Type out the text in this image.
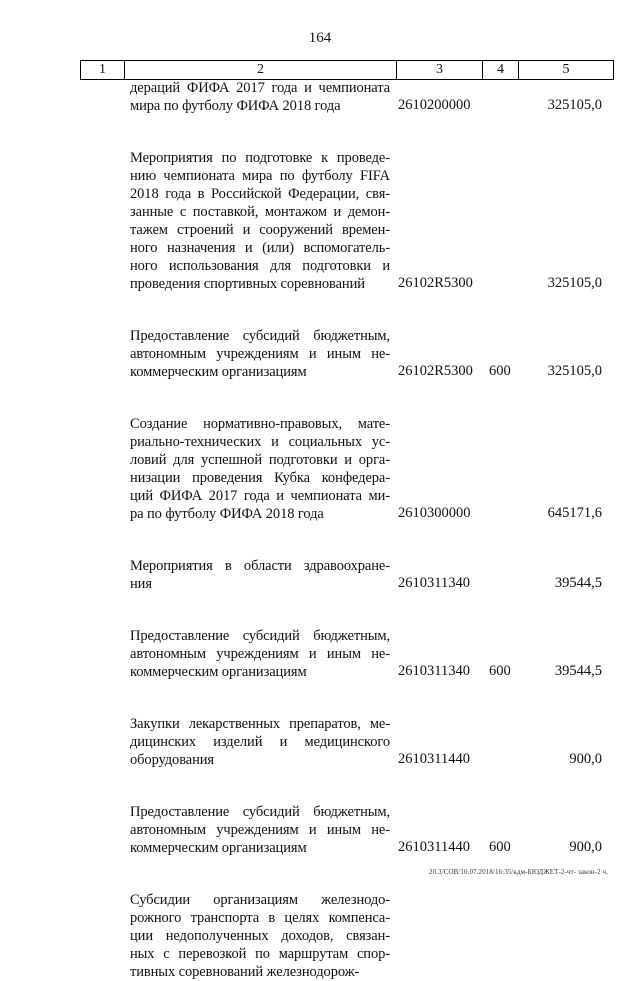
164
1	2	3	4	5
дераций ФИФА 2017 года и чемпионата
мира по футболу ФИФА 2018 года	2610200000	325105,0
Мероприятия по подготовке к проведе-
нию чемпионата мира по футболу FIFA
2018 года в Российской Федерации, свя-
занные с поставкой, монтажом и демон-
тажем строений и сооружений времен-
ного назначения и (или) вспомогатель-
ного использования для подготовки и
проведения спортивных соревнований	26102R5300	325105,0
Предоставление субсидий бюджетным,
автономным учреждениям и иным не-
коммерческим организациям	26102R5300 600	325105,0
Создание нормативно-правовых, мате-
риально-технических и социальных ус-
ловий для успешной подготовки и орга-
низации проведения Кубка конфедера-
ций ФИФА 2017 года и чемпионата ми-
ра по футболу ФИФА 2018 года	2610300000	645171,6
Мероприятия в области здравоохране-
ния	2610311340	39544,5
Предоставление субсидий бюджетным,
автономным учреждениям и иным не-
коммерческим организациям	2610311340 600	39544,5
Закупки лекарственных препаратов, ме-
дицинских изделий и медицинского
оборудования	2610311440	900,0
Предоставление субсидий бюджетным,
автономным учреждениям и иным не-
коммерческим организациям	2610311440 600	900,0
Субсидии организациям железнодо-
рожного транспорта в целях компенса-
ции недополученных доходов, связан-
ных с перевозкой по маршрутам спор-
тивных соревнований железнодорож-
20.3/СОВ/10.07.2018/16:35/кдм-БЮДЖЕТ-2-чт- закон-2 ч.
